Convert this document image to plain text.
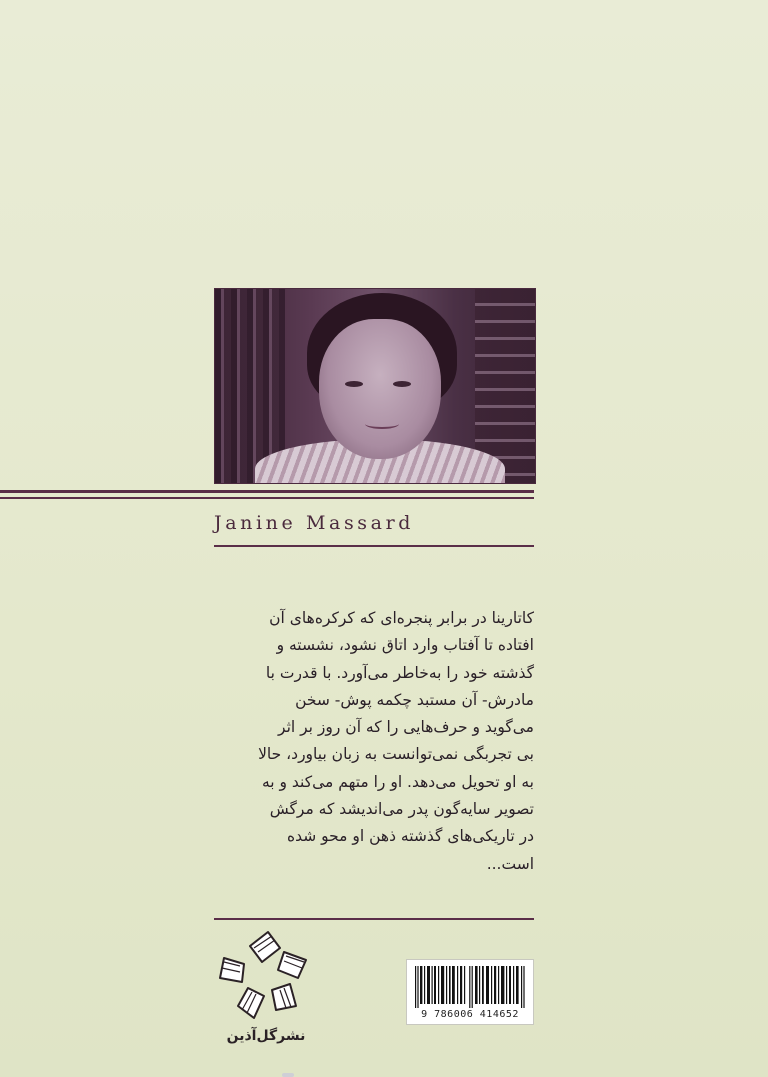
Janine Massard
کاتارینا در برابر پنجره‌ای که کرکره‌های آن
افتاده تا آفتاب وارد اتاق نشود، نشسته و
گذشته خود را به‌خاطر می‌آورد. با قدرت با
مادرش- آن مستبد چکمه پوش- سخن
می‌گوید و حرف‌هایی را که آن روز بر اثر
بی تجربگی نمی‌توانست به زبان بیاورد، حالا
به او تحویل می‌دهد. او را متهم می‌کند و به
تصویر سایه‌گون پدر می‌اندیشد که مرگش
در تاریکی‌های گذشته ذهن او محو شده
است...
نشرگل‌آذین
9 786006 414652
